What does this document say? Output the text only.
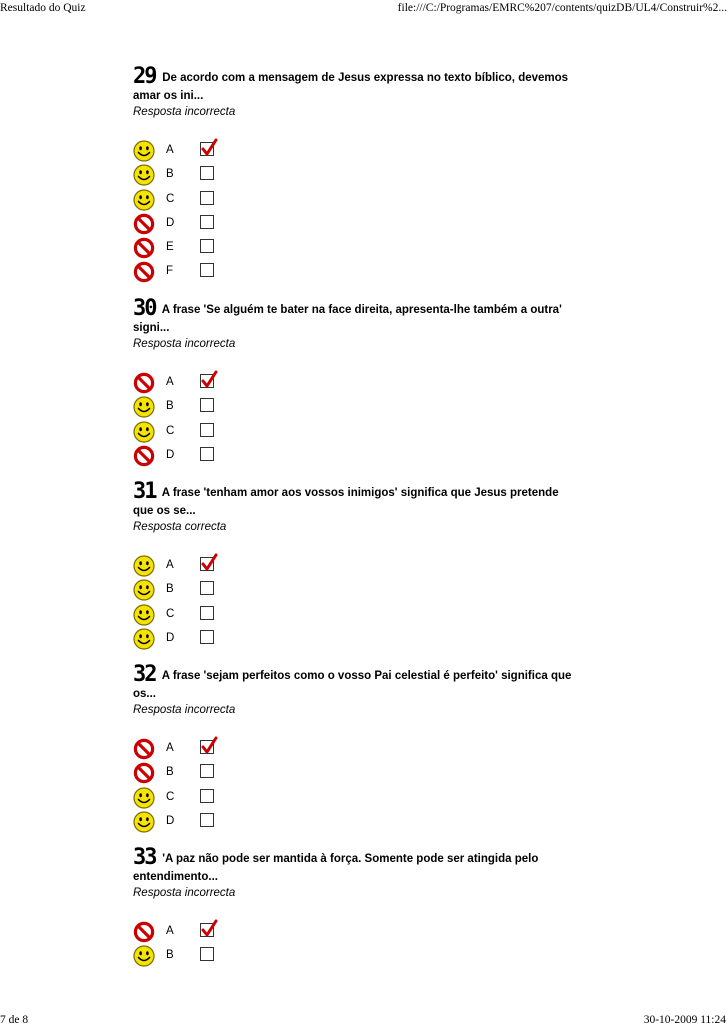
Resultado do Quiz	file:///C:/Programas/EMRC%207/contents/quizDB/UL4/Construir%2...
29 De acordo com a mensagem de Jesus expressa no texto bíblico, devemos
amar os ini...
Resposta incorrecta
A
B
C
D
E
F
30 A frase 'Se alguém te bater na face direita, apresenta-lhe também a outra'
signi...
Resposta incorrecta
A
B
C
D
31 A frase 'tenham amor aos vossos inimigos' significa que Jesus pretende
que os se...
Resposta correcta
A
B
C
D
32 A frase 'sejam perfeitos como o vosso Pai celestial é perfeito' significa que
os...
Resposta incorrecta
A
B
C
D
33 'A paz não pode ser mantida à força. Somente pode ser atingida pelo
entendimento...
Resposta incorrecta
A
B
7 de 8	30-10-2009 11:24
